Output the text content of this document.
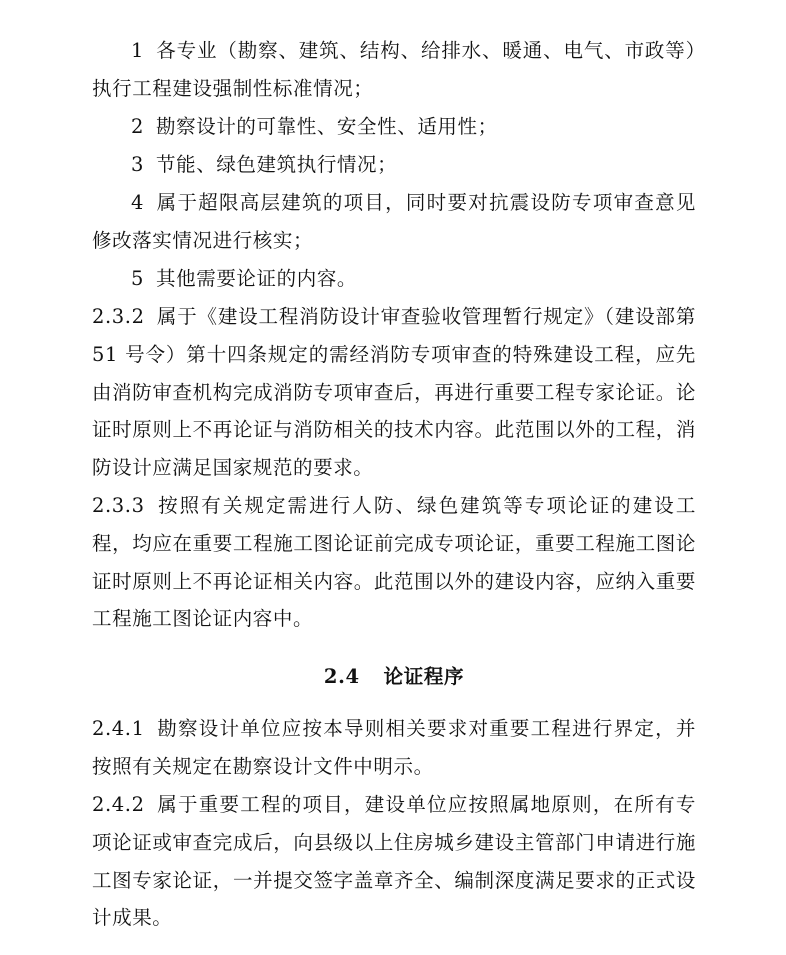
1 各专业（勘察、建筑、结构、给排水、暖通、电气、市政等）执行工程建设强制性标准情况；

2 勘察设计的可靠性、安全性、适用性；

3 节能、绿色建筑执行情况；

4 属于超限高层建筑的项目，同时要对抗震设防专项审查意见修改落实情况进行核实；

5 其他需要论证的内容。

2.3.2 属于《建设工程消防设计审查验收管理暂行规定》（建设部第 51 号令）第十四条规定的需经消防专项审查的特殊建设工程，应先由消防审查机构完成消防专项审查后，再进行重要工程专家论证。论证时原则上不再论证与消防相关的技术内容。此范围以外的工程，消防设计应满足国家规范的要求。

2.3.3 按照有关规定需进行人防、绿色建筑等专项论证的建设工程，均应在重要工程施工图论证前完成专项论证，重要工程施工图论证时原则上不再论证相关内容。此范围以外的建设内容，应纳入重要工程施工图论证内容中。

2.4 论证程序

2.4.1 勘察设计单位应按本导则相关要求对重要工程进行界定，并按照有关规定在勘察设计文件中明示。

2.4.2 属于重要工程的项目，建设单位应按照属地原则，在所有专项论证或审查完成后，向县级以上住房城乡建设主管部门申请进行施工图专家论证，一并提交签字盖章齐全、编制深度满足要求的正式设计成果。
